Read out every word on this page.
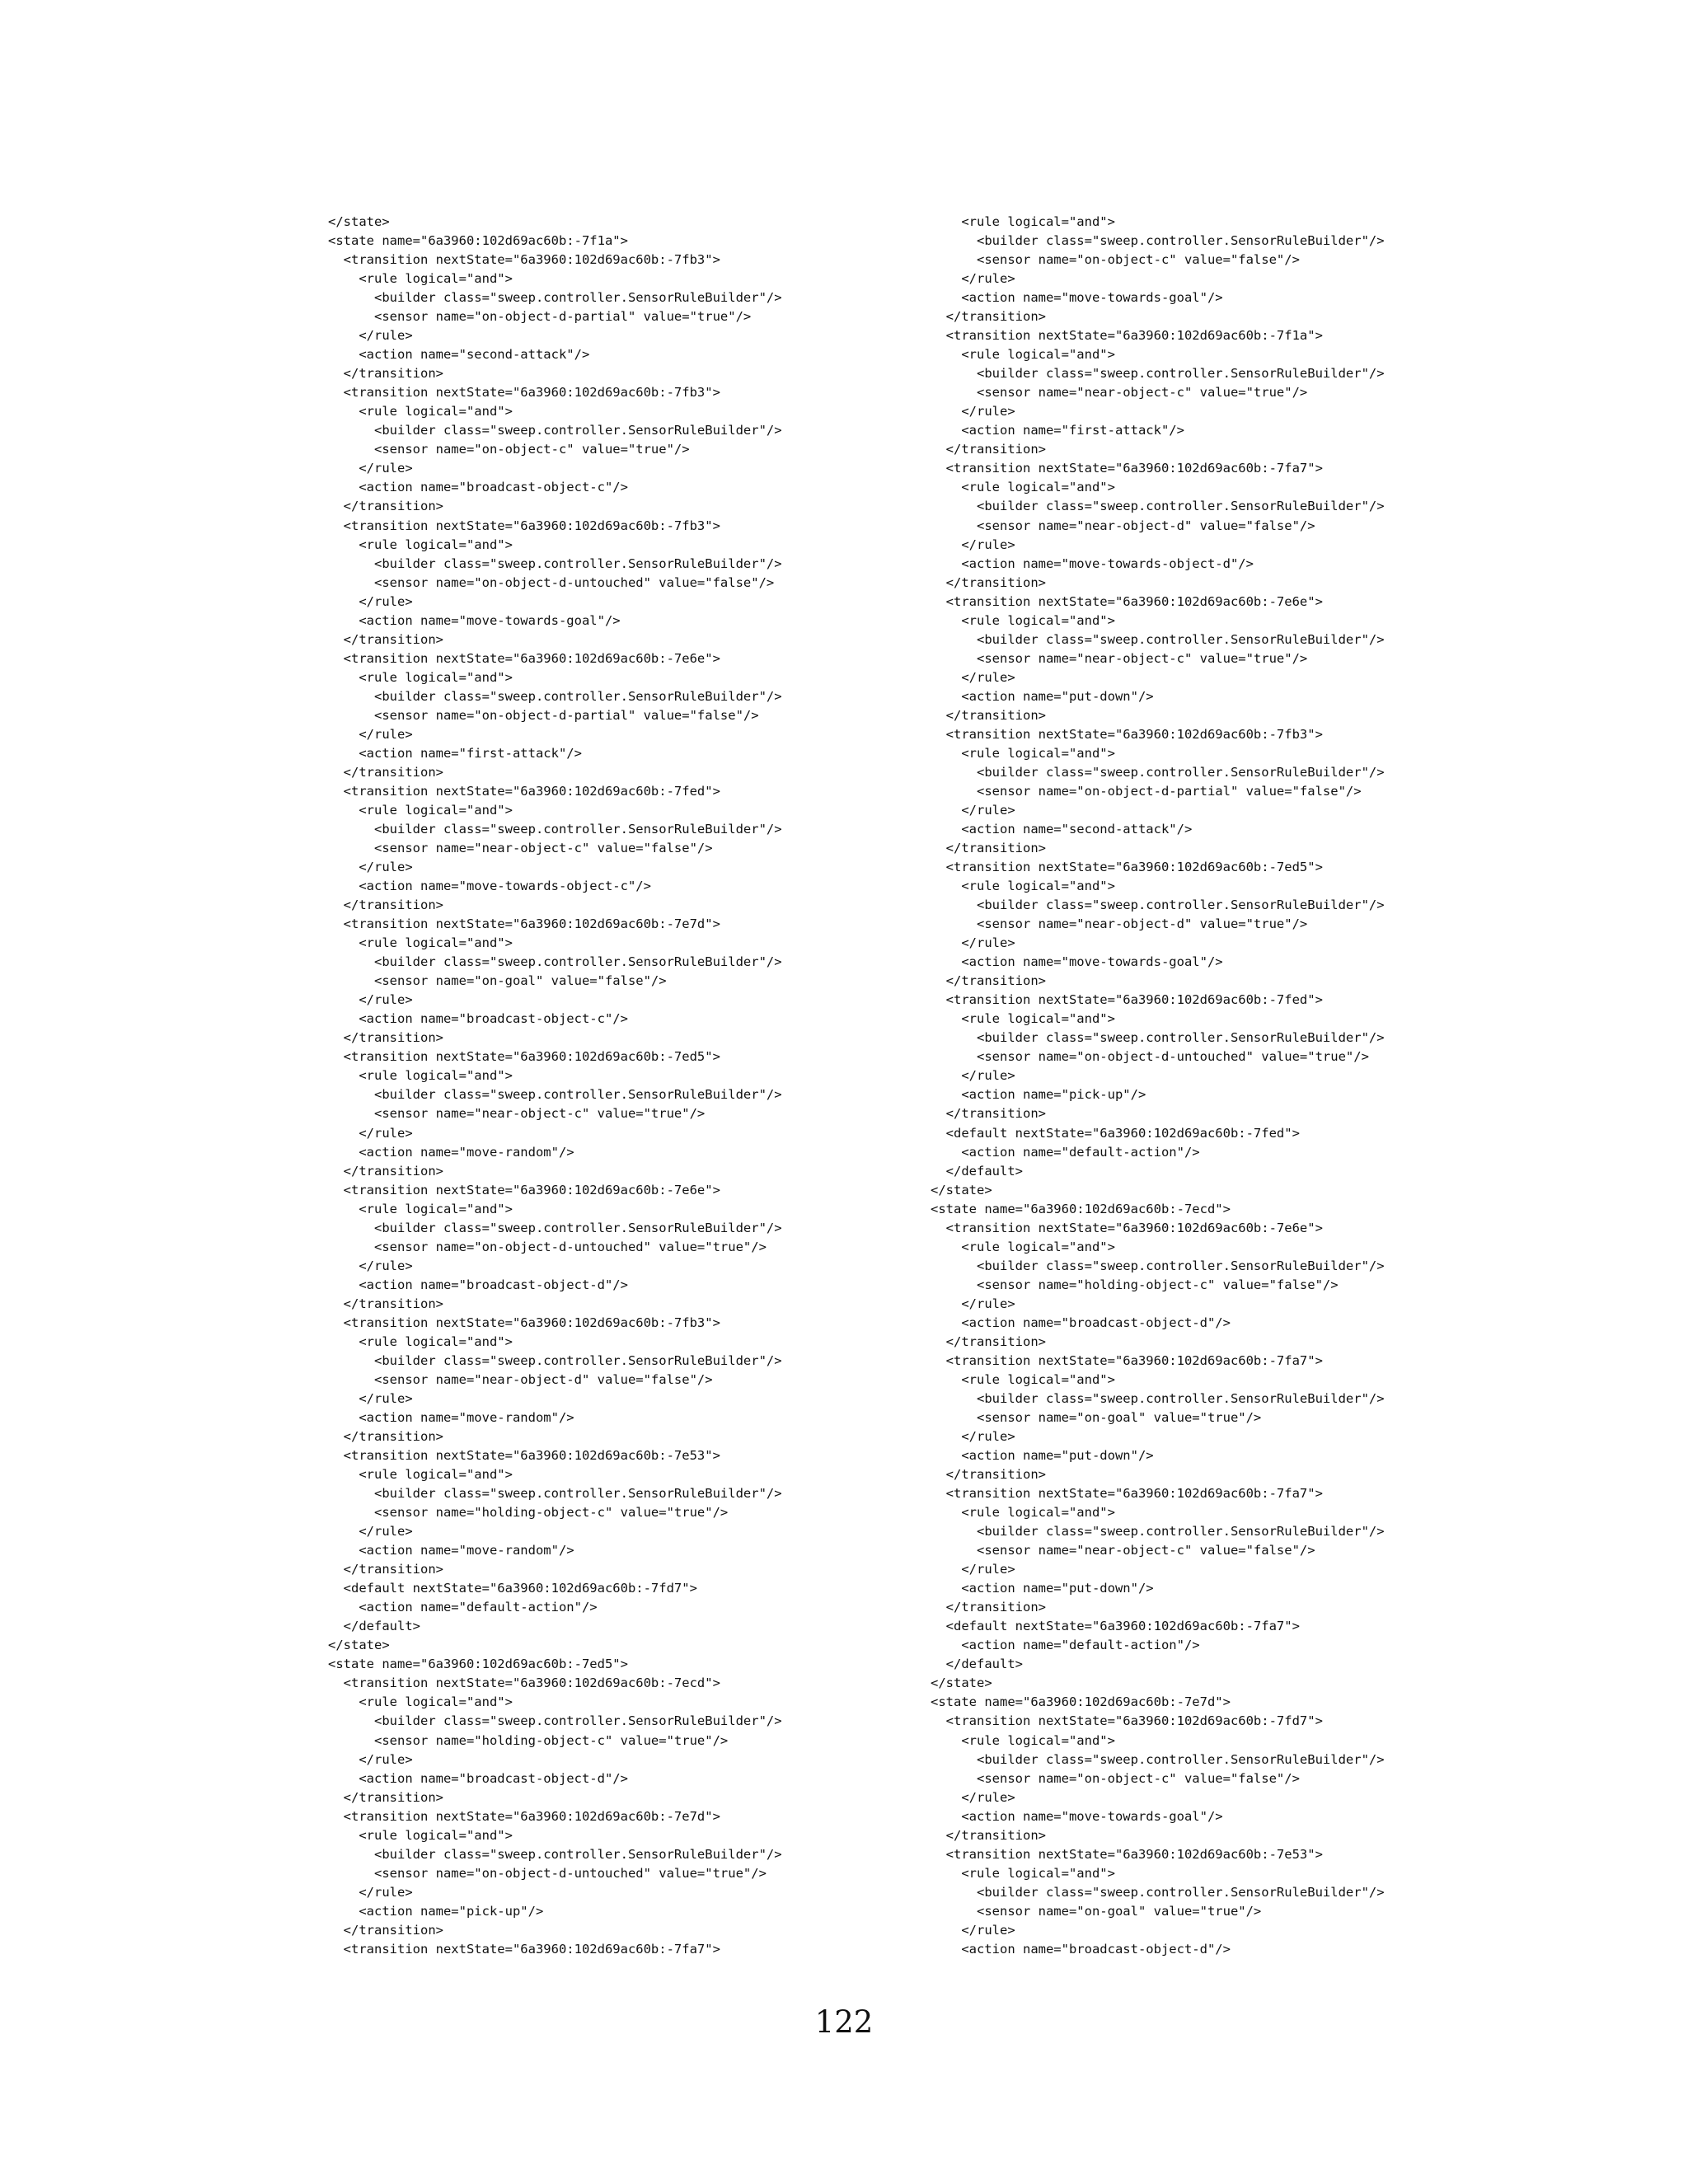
</state>
<state name="6a3960:102d69ac60b:-7f1a">
<transition nextState="6a3960:102d69ac60b:-7fb3">
<rule logical="and">
<builder class="sweep.controller.SensorRuleBuilder"/>
<sensor name="on-object-d-partial" value="true"/>
</rule>
<action name="second-attack"/>
</transition>
<transition nextState="6a3960:102d69ac60b:-7fb3">
<rule logical="and">
<builder class="sweep.controller.SensorRuleBuilder"/>
<sensor name="on-object-c" value="true"/>
</rule>
<action name="broadcast-object-c"/>
</transition>
<transition nextState="6a3960:102d69ac60b:-7fb3">
<rule logical="and">
<builder class="sweep.controller.SensorRuleBuilder"/>
<sensor name="on-object-d-untouched" value="false"/>
</rule>
<action name="move-towards-goal"/>
</transition>
<transition nextState="6a3960:102d69ac60b:-7e6e">
<rule logical="and">
<builder class="sweep.controller.SensorRuleBuilder"/>
<sensor name="on-object-d-partial" value="false"/>
</rule>
<action name="first-attack"/>
</transition>
<transition nextState="6a3960:102d69ac60b:-7fed">
<rule logical="and">
<builder class="sweep.controller.SensorRuleBuilder"/>
<sensor name="near-object-c" value="false"/>
</rule>
<action name="move-towards-object-c"/>
</transition>
<transition nextState="6a3960:102d69ac60b:-7e7d">
<rule logical="and">
<builder class="sweep.controller.SensorRuleBuilder"/>
<sensor name="on-goal" value="false"/>
</rule>
<action name="broadcast-object-c"/>
</transition>
<transition nextState="6a3960:102d69ac60b:-7ed5">
<rule logical="and">
<builder class="sweep.controller.SensorRuleBuilder"/>
<sensor name="near-object-c" value="true"/>
</rule>
<action name="move-random"/>
</transition>
<transition nextState="6a3960:102d69ac60b:-7e6e">
<rule logical="and">
<builder class="sweep.controller.SensorRuleBuilder"/>
<sensor name="on-object-d-untouched" value="true"/>
</rule>
<action name="broadcast-object-d"/>
</transition>
<transition nextState="6a3960:102d69ac60b:-7fb3">
<rule logical="and">
<builder class="sweep.controller.SensorRuleBuilder"/>
<sensor name="near-object-d" value="false"/>
</rule>
<action name="move-random"/>
</transition>
<transition nextState="6a3960:102d69ac60b:-7e53">
<rule logical="and">
<builder class="sweep.controller.SensorRuleBuilder"/>
<sensor name="holding-object-c" value="true"/>
</rule>
<action name="move-random"/>
</transition>
<default nextState="6a3960:102d69ac60b:-7fd7">
<action name="default-action"/>
</default>
</state>
<state name="6a3960:102d69ac60b:-7ed5">
<transition nextState="6a3960:102d69ac60b:-7ecd">
<rule logical="and">
<builder class="sweep.controller.SensorRuleBuilder"/>
<sensor name="holding-object-c" value="true"/>
</rule>
<action name="broadcast-object-d"/>
</transition>
<transition nextState="6a3960:102d69ac60b:-7e7d">
<rule logical="and">
<builder class="sweep.controller.SensorRuleBuilder"/>
<sensor name="on-object-d-untouched" value="true"/>
</rule>
<action name="pick-up"/>
</transition>
<transition nextState="6a3960:102d69ac60b:-7fa7">
<rule logical="and">
<builder class="sweep.controller.SensorRuleBuilder"/>
<sensor name="on-object-c" value="false"/>
</rule>
<action name="move-towards-goal"/>
</transition>
<transition nextState="6a3960:102d69ac60b:-7f1a">
<rule logical="and">
<builder class="sweep.controller.SensorRuleBuilder"/>
<sensor name="near-object-c" value="true"/>
</rule>
<action name="first-attack"/>
</transition>
<transition nextState="6a3960:102d69ac60b:-7fa7">
<rule logical="and">
<builder class="sweep.controller.SensorRuleBuilder"/>
<sensor name="near-object-d" value="false"/>
</rule>
<action name="move-towards-object-d"/>
</transition>
<transition nextState="6a3960:102d69ac60b:-7e6e">
<rule logical="and">
<builder class="sweep.controller.SensorRuleBuilder"/>
<sensor name="near-object-c" value="true"/>
</rule>
<action name="put-down"/>
</transition>
<transition nextState="6a3960:102d69ac60b:-7fb3">
<rule logical="and">
<builder class="sweep.controller.SensorRuleBuilder"/>
<sensor name="on-object-d-partial" value="false"/>
</rule>
<action name="second-attack"/>
</transition>
<transition nextState="6a3960:102d69ac60b:-7ed5">
<rule logical="and">
<builder class="sweep.controller.SensorRuleBuilder"/>
<sensor name="near-object-d" value="true"/>
</rule>
<action name="move-towards-goal"/>
</transition>
<transition nextState="6a3960:102d69ac60b:-7fed">
<rule logical="and">
<builder class="sweep.controller.SensorRuleBuilder"/>
<sensor name="on-object-d-untouched" value="true"/>
</rule>
<action name="pick-up"/>
</transition>
<default nextState="6a3960:102d69ac60b:-7fed">
<action name="default-action"/>
</default>
</state>
<state name="6a3960:102d69ac60b:-7ecd">
<transition nextState="6a3960:102d69ac60b:-7e6e">
<rule logical="and">
<builder class="sweep.controller.SensorRuleBuilder"/>
<sensor name="holding-object-c" value="false"/>
</rule>
<action name="broadcast-object-d"/>
</transition>
<transition nextState="6a3960:102d69ac60b:-7fa7">
<rule logical="and">
<builder class="sweep.controller.SensorRuleBuilder"/>
<sensor name="on-goal" value="true"/>
</rule>
<action name="put-down"/>
</transition>
<transition nextState="6a3960:102d69ac60b:-7fa7">
<rule logical="and">
<builder class="sweep.controller.SensorRuleBuilder"/>
<sensor name="near-object-c" value="false"/>
</rule>
<action name="put-down"/>
</transition>
<default nextState="6a3960:102d69ac60b:-7fa7">
<action name="default-action"/>
</default>
</state>
<state name="6a3960:102d69ac60b:-7e7d">
<transition nextState="6a3960:102d69ac60b:-7fd7">
<rule logical="and">
<builder class="sweep.controller.SensorRuleBuilder"/>
<sensor name="on-object-c" value="false"/>
</rule>
<action name="move-towards-goal"/>
</transition>
<transition nextState="6a3960:102d69ac60b:-7e53">
<rule logical="and">
<builder class="sweep.controller.SensorRuleBuilder"/>
<sensor name="on-goal" value="true"/>
</rule>
<action name="broadcast-object-d"/>
122
